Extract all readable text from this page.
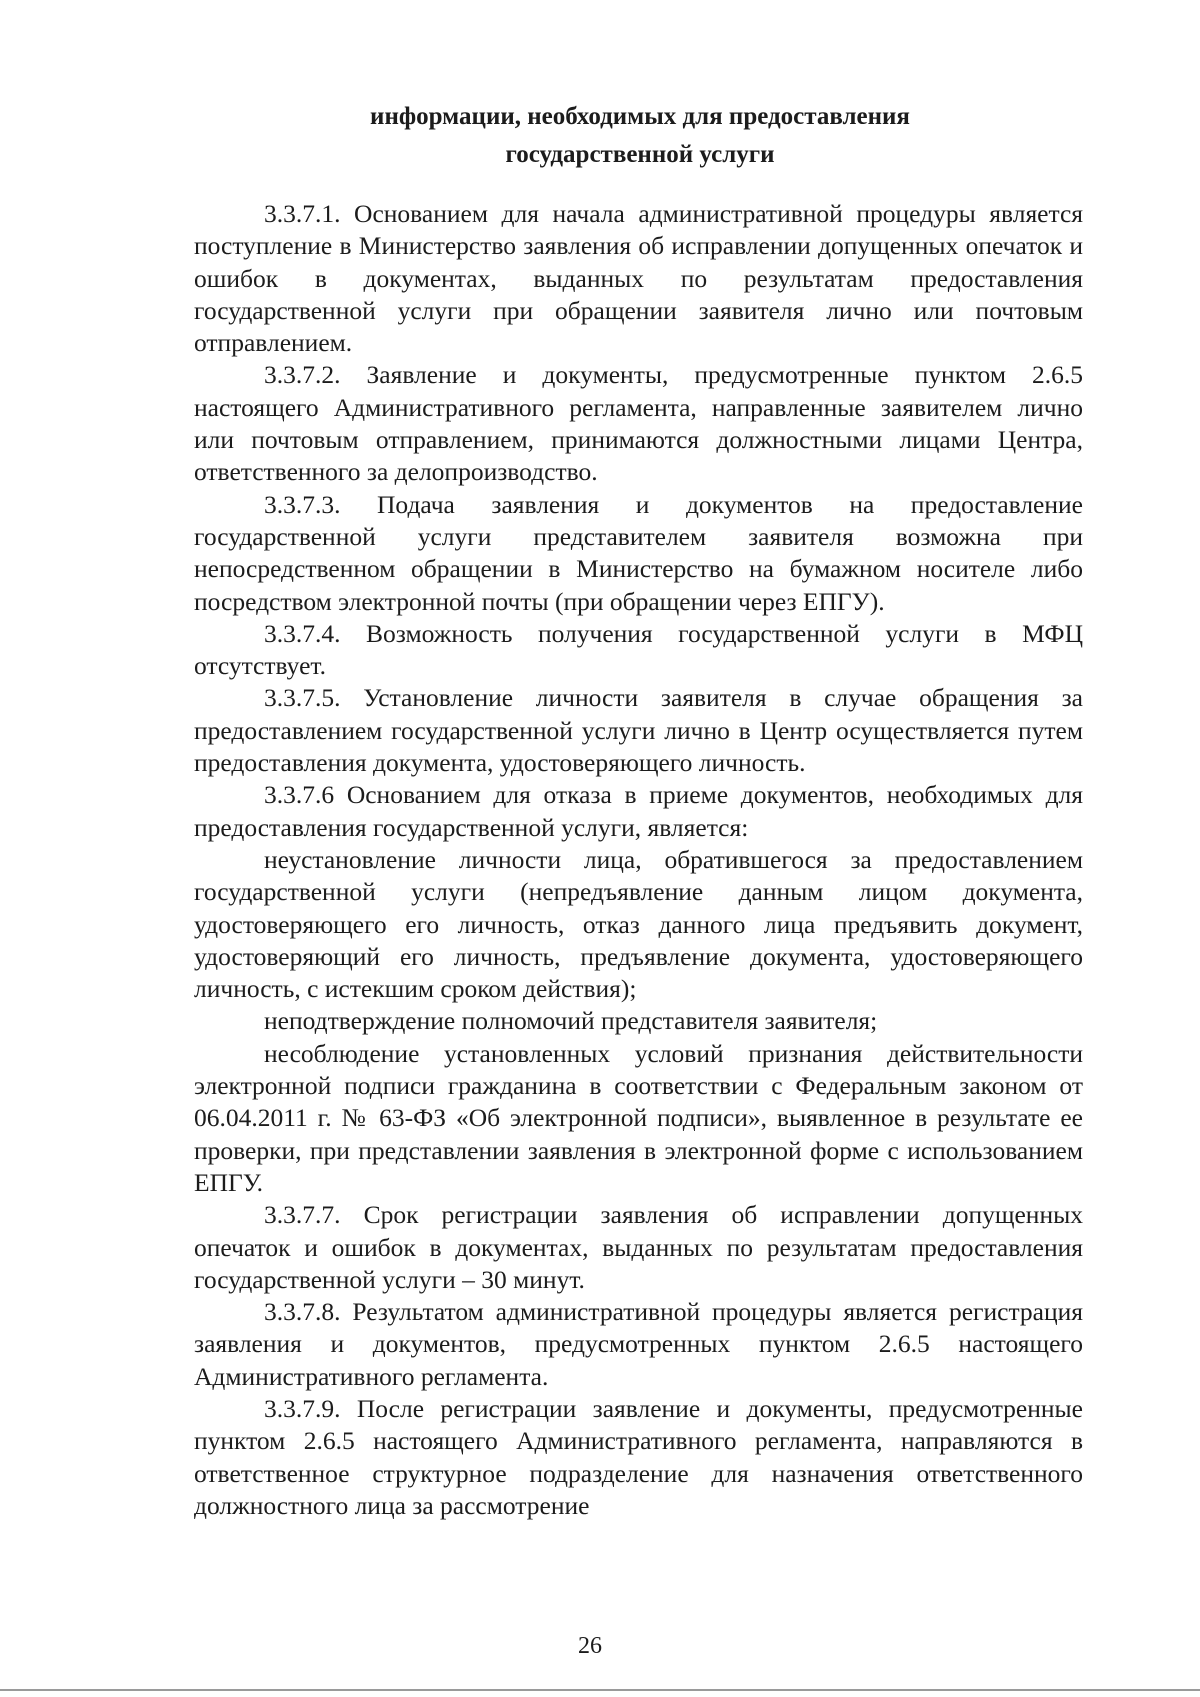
информации, необходимых для предоставления
государственной услуги

3.3.7.1. Основанием для начала административной процедуры является поступление в Министерство заявления об исправлении допущенных опечаток и ошибок в документах, выданных по результатам предоставления государственной услуги при обращении заявителя лично или почтовым отправлением.

3.3.7.2. Заявление и документы, предусмотренные пунктом 2.6.5 настоящего Административного регламента, направленные заявителем лично или почтовым отправлением, принимаются должностными лицами Центра, ответственного за делопроизводство.

3.3.7.3. Подача заявления и документов на предоставление государственной услуги представителем заявителя возможна при непосредственном обращении в Министерство на бумажном носителе либо посредством электронной почты (при обращении через ЕПГУ).

3.3.7.4. Возможность получения государственной услуги в МФЦ отсутствует.

3.3.7.5. Установление личности заявителя в случае обращения за предоставлением государственной услуги лично в Центр осуществляется путем предоставления документа, удостоверяющего личность.

3.3.7.6 Основанием для отказа в приеме документов, необходимых для предоставления государственной услуги, является:

неустановление личности лица, обратившегося за предоставлением государственной услуги (непредъявление данным лицом документа, удостоверяющего его личность, отказ данного лица предъявить документ, удостоверяющий его личность, предъявление документа, удостоверяющего личность, с истекшим сроком действия);

неподтверждение полномочий представителя заявителя;

несоблюдение установленных условий признания действительности электронной подписи гражданина в соответствии с Федеральным законом от 06.04.2011 г. № 63-ФЗ «Об электронной подписи», выявленное в результате ее проверки, при представлении заявления в электронной форме с использованием ЕПГУ.

3.3.7.7. Срок регистрации заявления об исправлении допущенных опечаток и ошибок в документах, выданных по результатам предоставления государственной услуги – 30 минут.

3.3.7.8. Результатом административной процедуры является регистрация заявления и документов, предусмотренных пунктом 2.6.5 настоящего Административного регламента.

3.3.7.9. После регистрации заявление и документы, предусмотренные пунктом 2.6.5 настоящего Административного регламента, направляются в ответственное структурное подразделение для назначения ответственного должностного лица за рассмотрение

26
